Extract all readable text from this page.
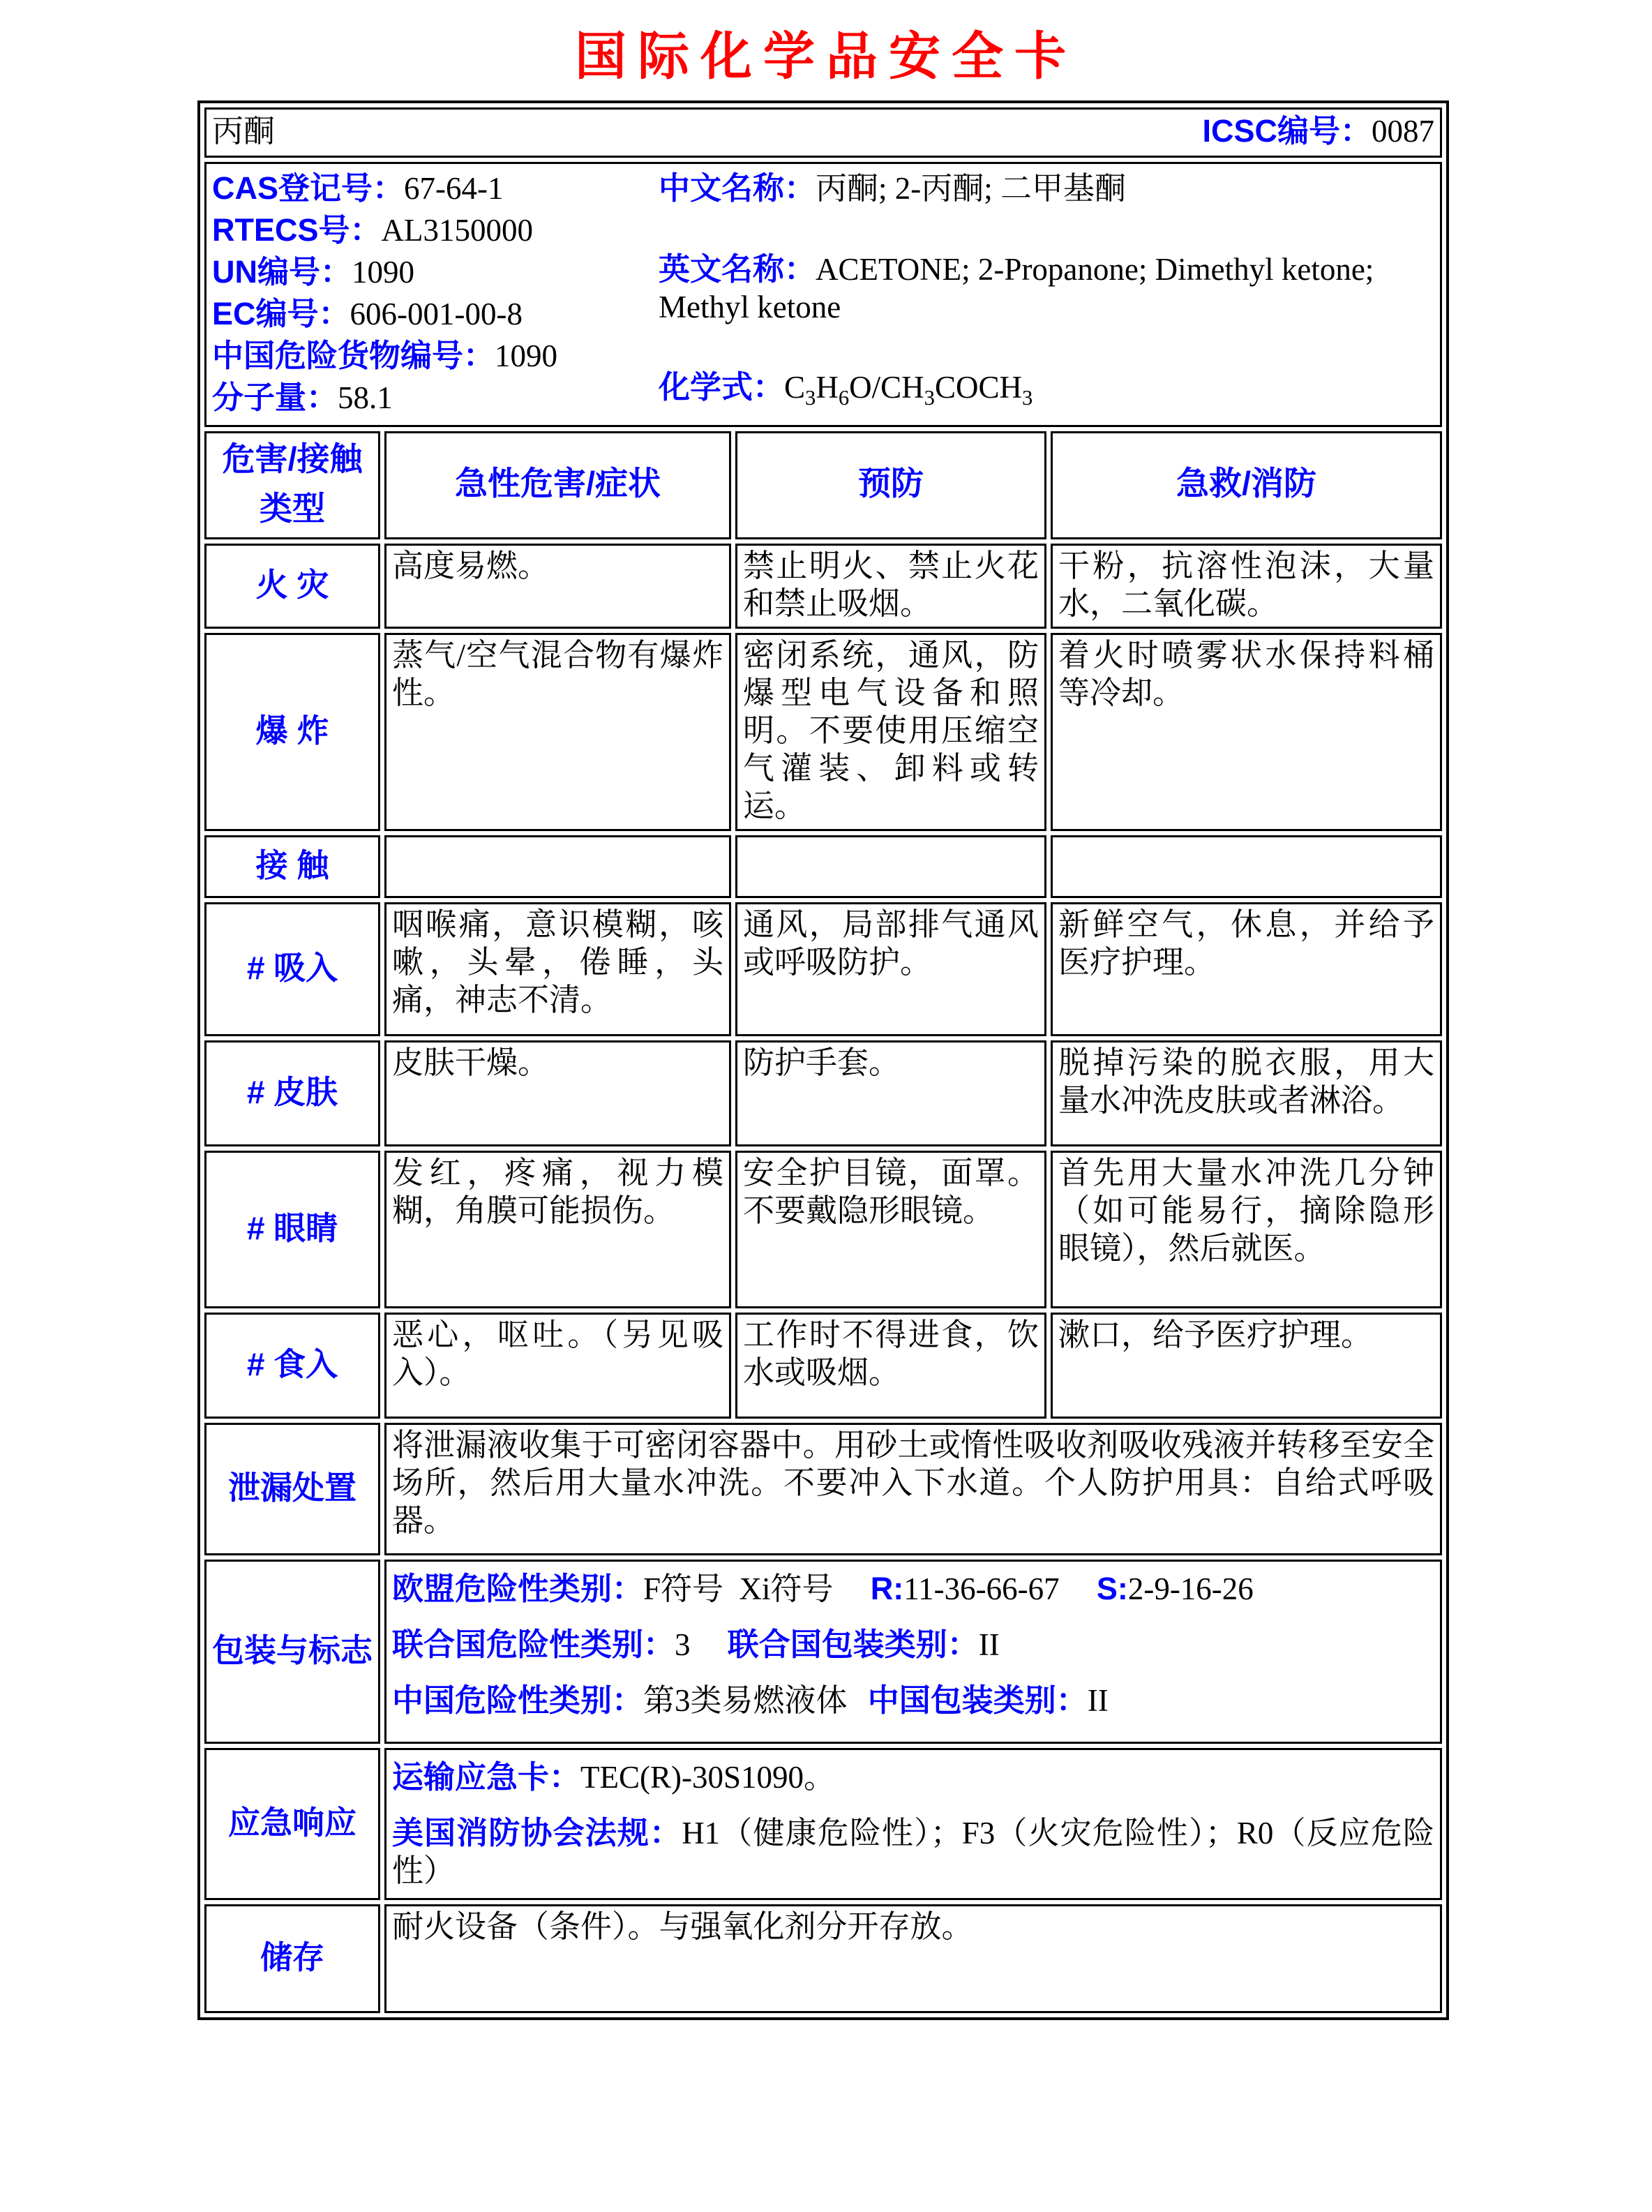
国际化学品安全卡
丙酮 ICSC编号：0087			

CAS登记号：67-64-1
RTECS号：AL3150000
UN编号：1090
EC编号：606-001-00-8
中国危险货物编号：1090
分子量：58.1
中文名称：丙酮; 2-丙酮; 二甲基酮
英文名称：ACETONE; 2-Propanone; Dimethyl ketone; Methyl ketone
化学式：$C_3H_6O/CH_3COCH_3$

危害/接触类型	急性危害/症状	预防	急救/消防
火 灾	高度易燃。	禁止明火、禁止火花和禁止吸烟。	干粉，抗溶性泡沫，大量水，二氧化碳。
爆 炸	蒸气/空气混合物有爆炸性。	密闭系统，通风，防爆型电气设备和照明。不要使用压缩空气灌装、卸料或转运。	着火时喷雾状水保持料桶等冷却。
接 触			
# 吸入	咽喉痛，意识模糊，咳嗽，头晕，倦睡，头痛，神志不清。	通风，局部排气通风或呼吸防护。	新鲜空气，休息，并给予医疗护理。
# 皮肤	皮肤干燥。	防护手套。	脱掉污染的脱衣服，用大量水冲洗皮肤或者淋浴。
# 眼睛	发红，疼痛，视力模糊，角膜可能损伤。	安全护目镜，面罩。不要戴隐形眼镜。	首先用大量水冲洗几分钟（如可能易行，摘除隐形眼镜），然后就医。
# 食入	恶心，呕吐。（另见吸入）。	工作时不得进食，饮水或吸烟。	漱口，给予医疗护理。
泄漏处置	将泄漏液收集于可密闭容器中。用砂土或惰性吸收剂吸收残液并转移至安全场所，然后用大量水冲洗。不要冲入下水道。个人防护用具：自给式呼吸器。		
包装与标志	欧盟危险性类别：F符号  Xi符号 R:11-36-66-67 S:2-9-16-26
联合国危险性类别：3 联合国包装类别：II
中国危险性类别：第3类易燃液体 中国包装类别：II		

应急响应	运输应急卡：TEC(R)-30S1090。
美国消防协会法规：H1（健康危险性）；F3（火灾危险性）；R0（反应危险性）		

储存	耐火设备（条件）。与强氧化剂分开存放。		
